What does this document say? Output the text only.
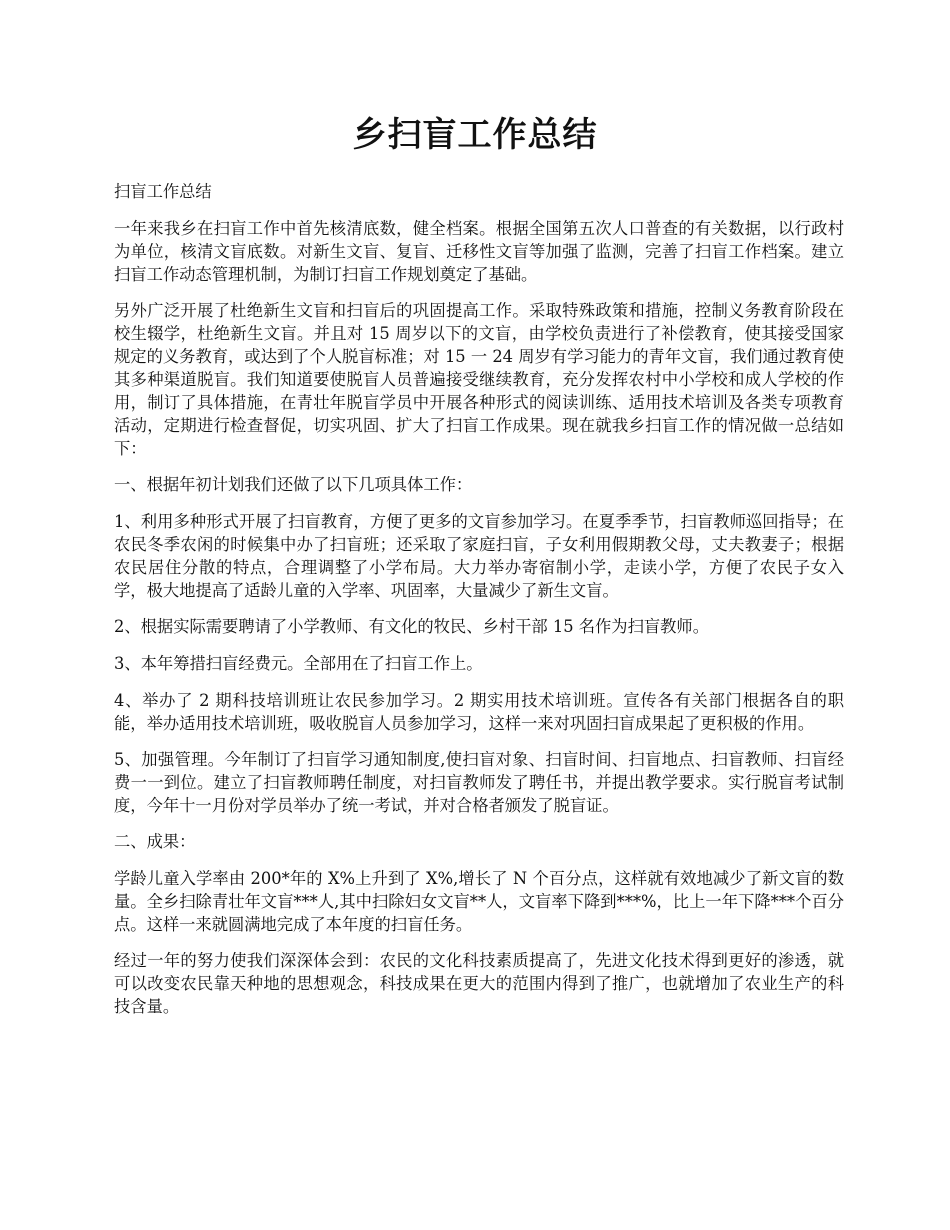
乡扫盲工作总结

扫盲工作总结

一年来我乡在扫盲工作中首先核清底数，健全档案。根据全国第五次人口普查的有关数据，以行政村为单位，核清文盲底数。对新生文盲、复盲、迁移性文盲等加强了监测，完善了扫盲工作档案。建立扫盲工作动态管理机制，为制订扫盲工作规划奠定了基础。

另外广泛开展了杜绝新生文盲和扫盲后的巩固提高工作。采取特殊政策和措施，控制义务教育阶段在校生辍学，杜绝新生文盲。并且对 15 周岁以下的文盲，由学校负责进行了补偿教育，使其接受国家规定的义务教育，或达到了个人脱盲标准；对 15 一 24 周岁有学习能力的青年文盲，我们通过教育使其多种渠道脱盲。我们知道要使脱盲人员普遍接受继续教育，充分发挥农村中小学校和成人学校的作用，制订了具体措施，在青壮年脱盲学员中开展各种形式的阅读训练、适用技术培训及各类专项教育活动，定期进行检查督促，切实巩固、扩大了扫盲工作成果。现在就我乡扫盲工作的情况做一总结如下：

一、根据年初计划我们还做了以下几项具体工作：

1、利用多种形式开展了扫盲教育，方便了更多的文盲参加学习。在夏季季节，扫盲教师巡回指导；在农民冬季农闲的时候集中办了扫盲班；还采取了家庭扫盲，子女利用假期教父母，丈夫教妻子；根据农民居住分散的特点，合理调整了小学布局。大力举办寄宿制小学，走读小学，方便了农民子女入学，极大地提高了适龄儿童的入学率、巩固率，大量减少了新生文盲。

2、根据实际需要聘请了小学教师、有文化的牧民、乡村干部 15 名作为扫盲教师。

3、本年筹措扫盲经费元。全部用在了扫盲工作上。

4、举办了 2 期科技培训班让农民参加学习。2 期实用技术培训班。宣传各有关部门根据各自的职能，举办适用技术培训班，吸收脱盲人员参加学习，这样一来对巩固扫盲成果起了更积极的作用。

5、加强管理。今年制订了扫盲学习通知制度,使扫盲对象、扫盲时间、扫盲地点、扫盲教师、扫盲经费一一到位。建立了扫盲教师聘任制度，对扫盲教师发了聘任书，并提出教学要求。实行脱盲考试制度，今年十一月份对学员举办了统一考试，并对合格者颁发了脱盲证。

二、成果：

学龄儿童入学率由 200*年的 X%上升到了 X%,增长了 N 个百分点，这样就有效地减少了新文盲的数量。全乡扫除青壮年文盲***人,其中扫除妇女文盲**人，文盲率下降到***%，比上一年下降***个百分点。这样一来就圆满地完成了本年度的扫盲任务。

经过一年的努力使我们深深体会到：农民的文化科技素质提高了，先进文化技术得到更好的渗透，就可以改变农民靠天种地的思想观念，科技成果在更大的范围内得到了推广，也就增加了农业生产的科技含量。
